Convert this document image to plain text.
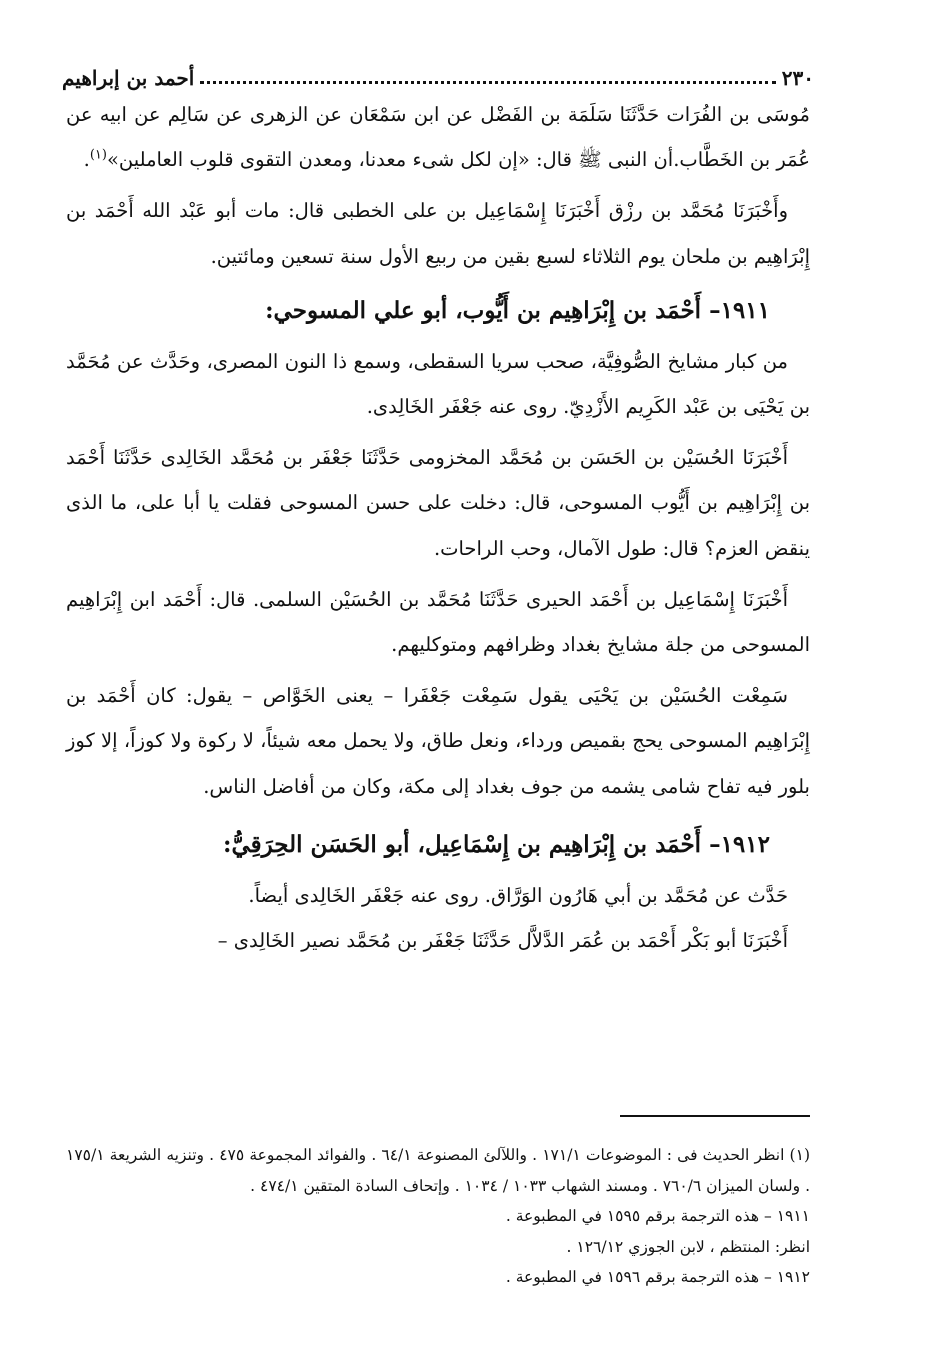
٢٣٠
أحمد بن إبراهيم

مُوسَى بن الفُرَات حَدَّثَنَا سَلَمَة بن الفَضْل عن ابن سَمْعَان عن الزهرى عن سَالِم عن ابيه عن عُمَر بن الخَطَّاب.أن النبى ﷺ قال: «إن لكل شىء معدنا، ومعدن التقوى قلوب العاملين»$^{(١)}$.

وأَخْبَرَنَا مُحَمَّد بن رزْق أَخْبَرَنَا إِسْمَاعِيل بن على الخطبى قال: مات أبو عَبْد الله أَحْمَد بن إِبْرَاهِيم بن ملحان يوم الثلاثاء لسبع بقين من ربيع الأول سنة تسعين ومائتين.

١٩١١– أَحْمَد بن إِبْرَاهِيم بن أَيُّوب، أبو علي المسوحي:

من كبار مشايخ الصُّوفِيَّة، صحب سريا السقطى، وسمع ذا النون المصرى، وحَدَّث عن مُحَمَّد بن يَحْيَى بن عَبْد الكَرِيم الأَزْدِيّ. روى عنه جَعْفَر الخَالِدى.

أَخْبَرَنَا الحُسَيْن بن الحَسَن بن مُحَمَّد المخزومى حَدَّثَنَا جَعْفَر بن مُحَمَّد الخَالِدى حَدَّثَنَا أَحْمَد بن إِبْرَاهِيم بن أَيُّوب المسوحى، قال: دخلت على حسن المسوحى فقلت يا أبا على، ما الذى ينقض العزم؟ قال: طول الآمال، وحب الراحات.

أَخْبَرَنَا إِسْمَاعِيل بن أَحْمَد الحيرى حَدَّثَنَا مُحَمَّد بن الحُسَيْن السلمى. قال: أَحْمَد ابن إِبْرَاهِيم المسوحى من جلة مشايخ بغداد وظرافهم ومتوكليهم.

سَمِعْت الحُسَيْن بن يَحْيَى يقول سَمِعْت جَعْفَرا – يعنى الخَوَّاص – يقول: كان أَحْمَد بن إِبْرَاهِيم المسوحى يحج بقميص ورداء، ونعل طاق، ولا يحمل معه شيئاً، لا ركوة ولا كوزاً، إلا كوز بلور فيه تفاح شامى يشمه من جوف بغداد إلى مكة، وكان من أفاضل الناس.

١٩١٢– أَحْمَد بن إِبْرَاهِيم بن إِسْمَاعِيل، أبو الحَسَن الحِرَقِيُّ:

حَدَّث عن مُحَمَّد بن أبي هَارُون الوَرَّاق. روى عنه جَعْفَر الخَالِدى أيضاً.

أَخْبَرَنَا أبو بَكْر أَحْمَد بن عُمَر الدَّلاَّل حَدَّثَنَا جَعْفَر بن مُحَمَّد نصير الخَالِدى –

(١) انظر الحديث فى : الموضوعات ١٧١/١ . واللآلئ المصنوعة ٦٤/١ . والفوائد المجموعة ٤٧٥ . وتنزيه الشريعة ١٧٥/١ . ولسان الميزان ٧٦٠/٦ . ومسند الشهاب ١٠٣٣ / ١٠٣٤ . وإتحاف السادة المتقين ٤٧٤/١ .

١٩١١ – هذه الترجمة برقم ١٥٩٥ في المطبوعة .

انظر: المنتظم ، لابن الجوزي ١٢٦/١٢ .

١٩١٢ – هذه الترجمة برقم ١٥٩٦ في المطبوعة .
